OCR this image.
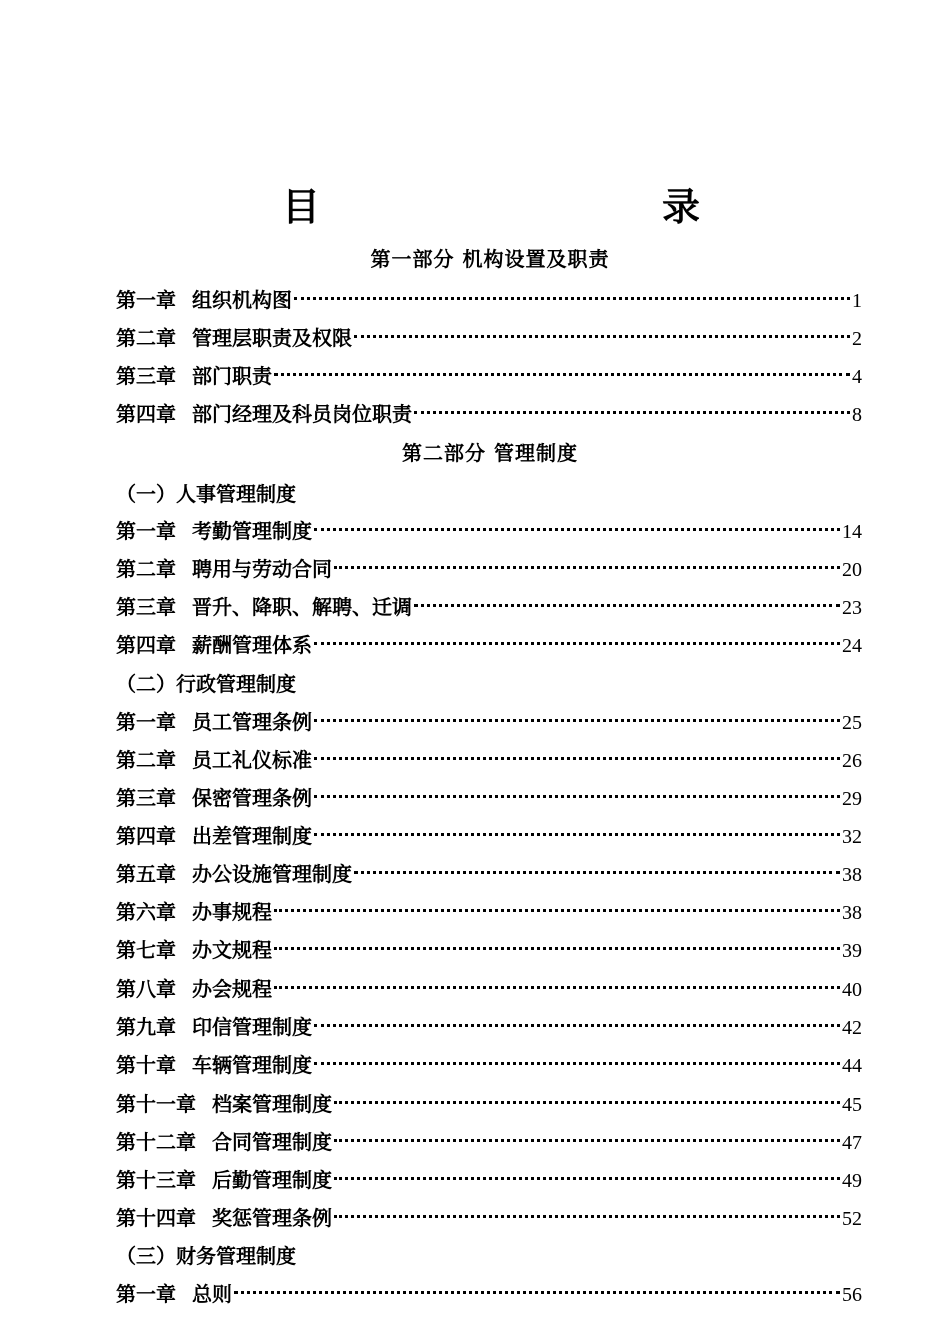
目	录
第一部分 机构设置及职责
第一章 组织机构图	1
第二章 管理层职责及权限	2
第三章 部门职责	4
第四章 部门经理及科员岗位职责	8
第二部分 管理制度
（一）人事管理制度
第一章 考勤管理制度	14
第二章 聘用与劳动合同	20
第三章 晋升、降职、解聘、迁调	23
第四章 薪酬管理体系	24
（二）行政管理制度
第一章 员工管理条例	25
第二章 员工礼仪标准	26
第三章 保密管理条例	29
第四章 出差管理制度	32
第五章 办公设施管理制度	38
第六章 办事规程	38
第七章 办文规程	39
第八章 办会规程	40
第九章 印信管理制度	42
第十章 车辆管理制度	44
第十一章 档案管理制度	45
第十二章 合同管理制度	47
第十三章 后勤管理制度	49
第十四章 奖惩管理条例	52
（三）财务管理制度
第一章 总则	56
